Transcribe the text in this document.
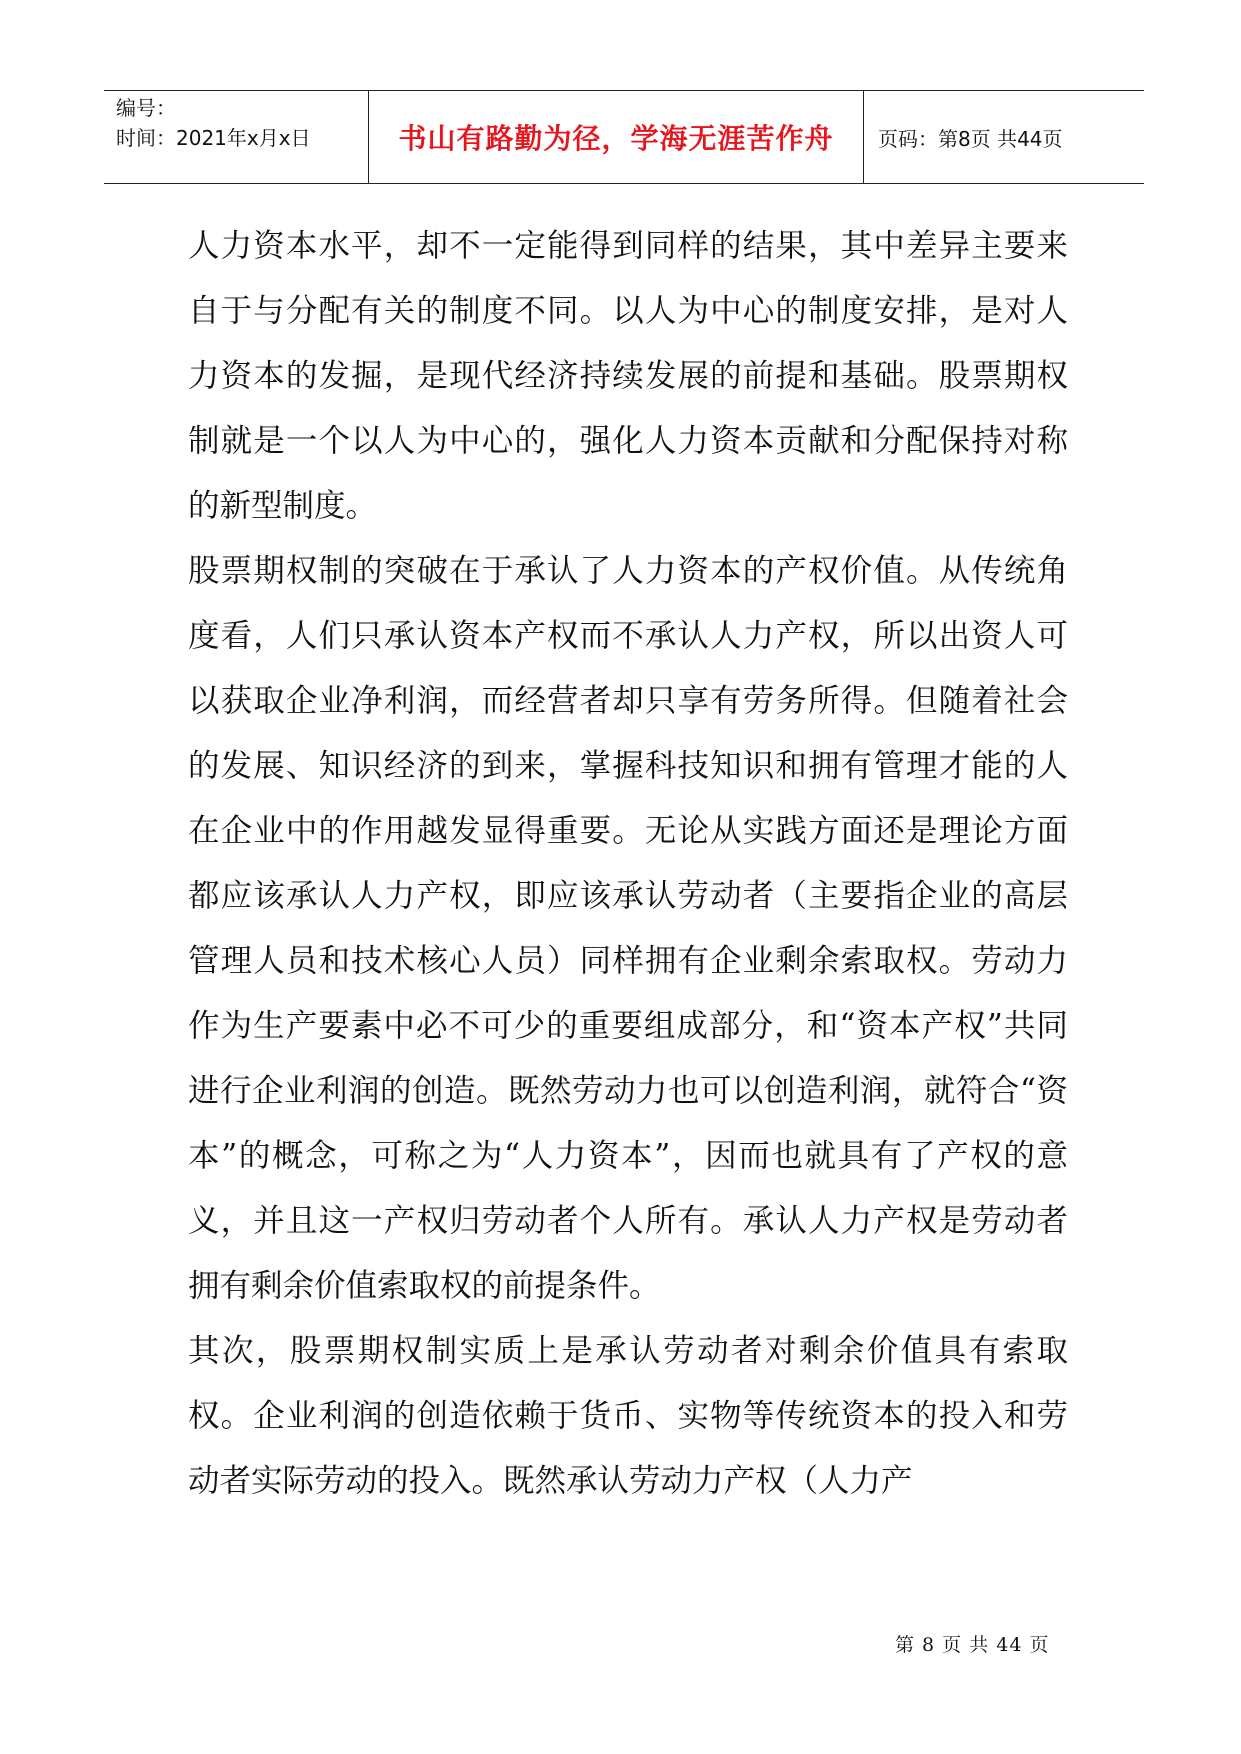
编号：
时间：2021年x月x日	书山有路勤为径，学海无涯苦作舟 页码：第8页 共44页

人力资本水平，却不一定能得到同样的结果，其中差异主要来自于与分配有关的制度不同。以人为中心的制度安排，是对人力资本的发掘，是现代经济持续发展的前提和基础。股票期权制就是一个以人为中心的，强化人力资本贡献和分配保持对称的新型制度。

股票期权制的突破在于承认了人力资本的产权价值。从传统角度看，人们只承认资本产权而不承认人力产权，所以出资人可以获取企业净利润，而经营者却只享有劳务所得。但随着社会的发展、知识经济的到来，掌握科技知识和拥有管理才能的人在企业中的作用越发显得重要。无论从实践方面还是理论方面都应该承认人力产权，即应该承认劳动者（主要指企业的高层管理人员和技术核心人员）同样拥有企业剩余索取权。劳动力作为生产要素中必不可少的重要组成部分，和“资本产权”共同进行企业利润的创造。既然劳动力也可以创造利润，就符合“资本”的概念，可称之为“人力资本”，因而也就具有了产权的意义，并且这一产权归劳动者个人所有。承认人力产权是劳动者拥有剩余价值索取权的前提条件。

其次，股票期权制实质上是承认劳动者对剩余价值具有索取权。企业利润的创造依赖于货币、实物等传统资本的投入和劳动者实际劳动的投入。既然承认劳动力产权（人力产

第 8 页 共 44 页
